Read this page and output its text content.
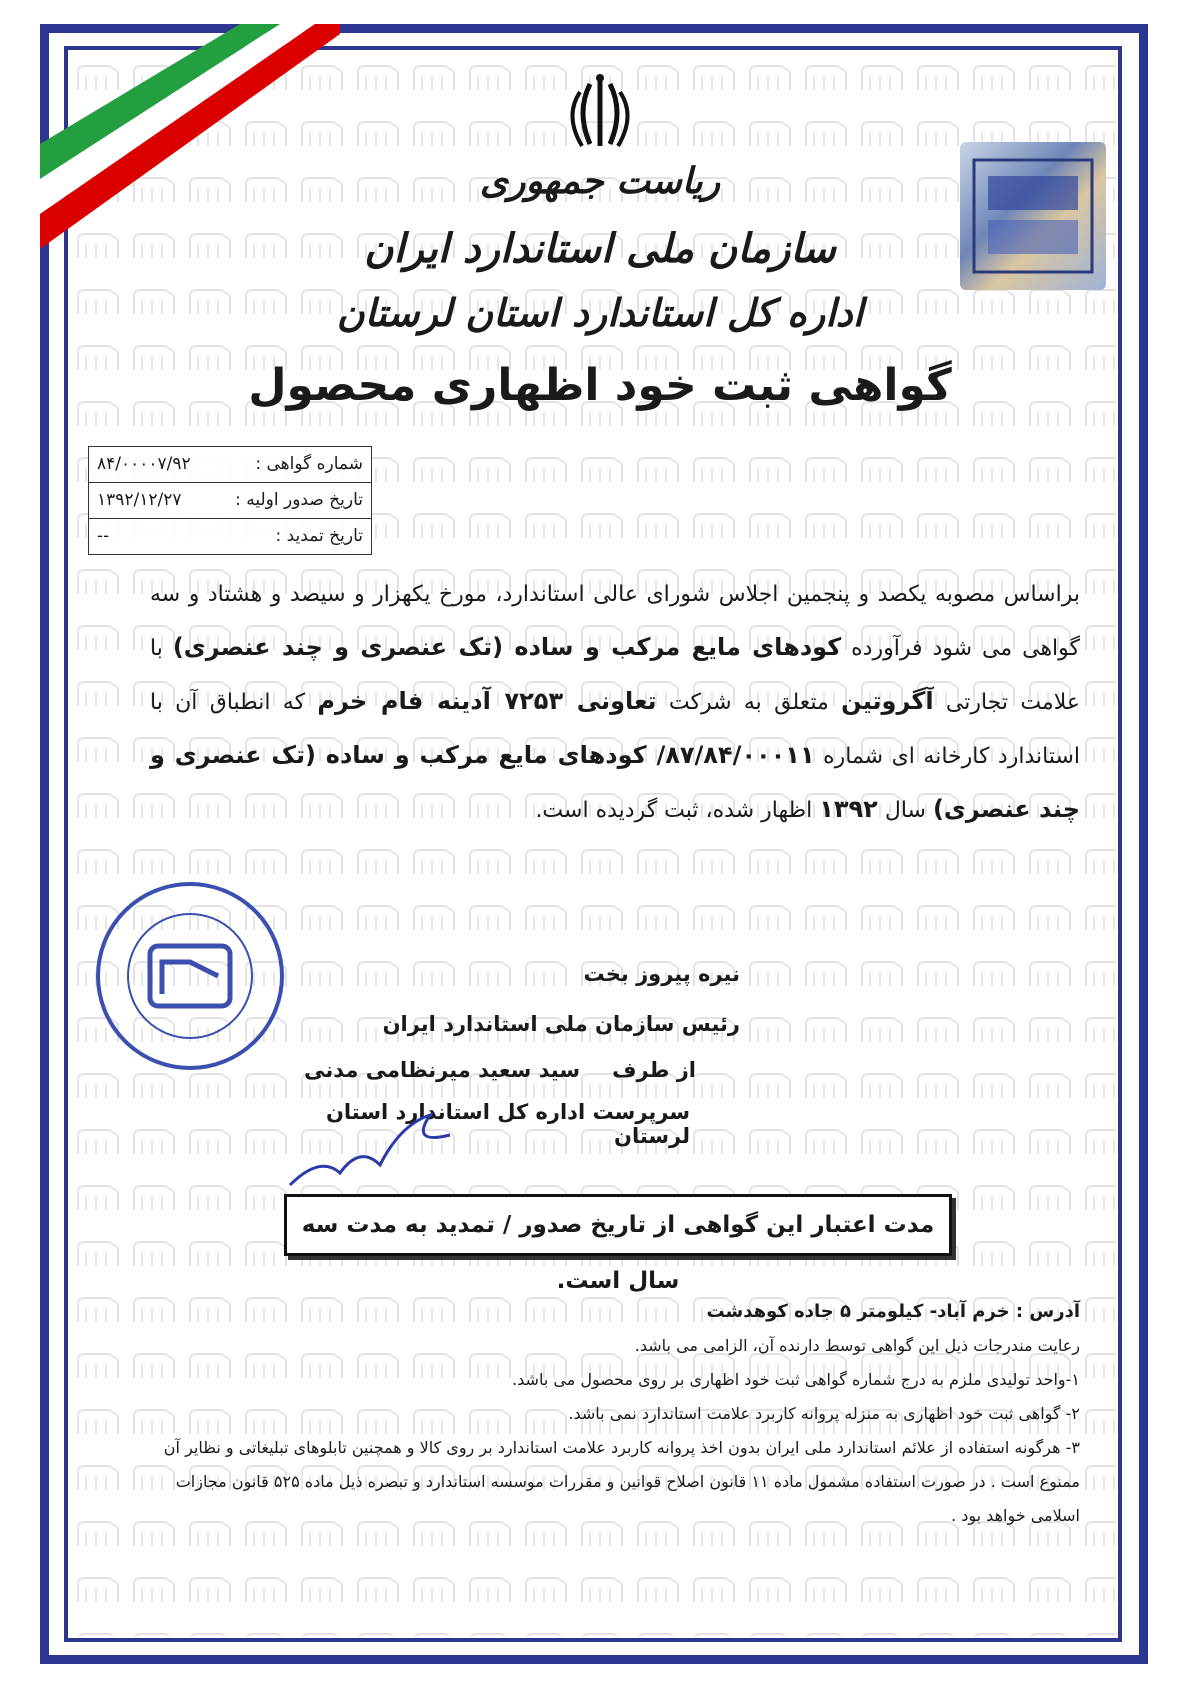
ریاست جمهوری
سازمان ملی استاندارد ایران
اداره کل استاندارد استان لرستان
گواهی ثبت خود اظهاری محصول
شماره گواهی :
۸۴/۰۰۰۰۷/۹۲
تاریخ صدور اولیه :
۱۳۹۲/۱۲/۲۷
تاریخ تمدید :
--
براساس مصوبه یکصد و پنجمین اجلاس شورای عالی استاندارد، مورخ یکهزار و سیصد و هشتاد و سه گواهی می شود فرآورده کودهای مایع مرکب و ساده (تک عنصری و چند عنصری) با علامت تجارتی آگروتین متعلق به شرکت تعاونی ۷۲۵۳ آدینه فام خرم که انطباق آن با استاندارد کارخانه ای شماره ۸۷/۸۴/۰۰۰۱۱/ کودهای مایع مرکب و ساده (تک عنصری و چند عنصری) سال ۱۳۹۲ اظهار شده، ثبت گردیده است.
نیره پیروز بخت
رئیس سازمان ملی استاندارد ایران
از طرف
سید سعید میرنظامی مدنی
سرپرست اداره کل استاندارد استان لرستان
مدت اعتبار این گواهی از تاریخ صدور / تمدید به مدت سه سال است.
آدرس : خرم آباد- کیلومتر ۵ جاده کوهدشت
رعایت مندرجات ذیل این گواهی توسط دارنده آن، الزامی می باشد.
۱-واحد تولیدی ملزم به درج شماره گواهی ثبت خود اظهاری بر روی محصول می باشد.
۲- گواهی ثبت خود اظهاری به منزله پروانه کاربرد علامت استاندارد نمی باشد.
۳- هرگونه استفاده از علائم استاندارد ملی ایران بدون اخذ پروانه کاربرد علامت استاندارد بر روی کالا و همچنین تابلوهای تبلیغاتی و نظایر آن ممنوع است . در صورت استفاده مشمول ماده ۱۱ قانون اصلاح قوانین و مقررات موسسه استاندارد و تبصره ذیل ماده ۵۲۵ قانون مجازات اسلامی خواهد بود .
